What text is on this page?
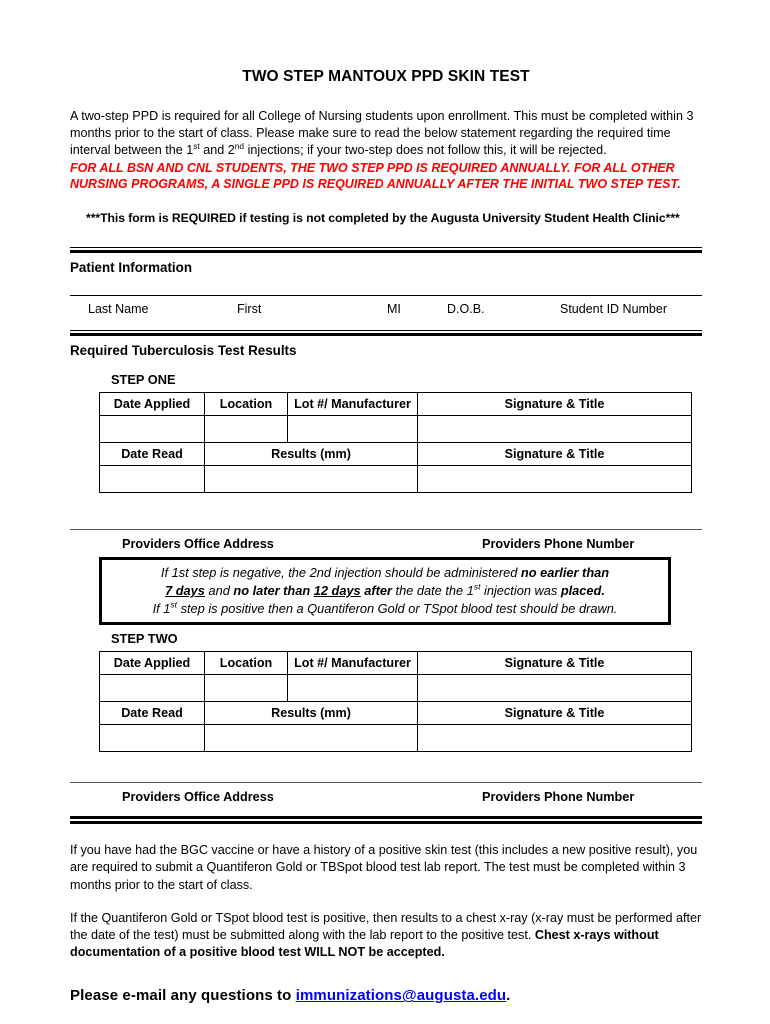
TWO STEP MANTOUX PPD SKIN TEST

A two-step PPD is required for all College of Nursing students upon enrollment. This must be completed within 3 months prior to the start of class. Please make sure to read the below statement regarding the required time interval between the 1st and 2nd injections; if your two-step does not follow this, it will be rejected.

FOR ALL BSN AND CNL STUDENTS, THE TWO STEP PPD IS REQUIRED ANNUALLY. FOR ALL OTHER
NURSING PROGRAMS, A SINGLE PPD IS REQUIRED ANNUALLY AFTER THE INITIAL TWO STEP TEST.

***This form is REQUIRED if testing is not completed by the Augusta University Student Health Clinic***
Patient Information
Last Name	First	MI	D.O.B.	Student ID Number
Required Tuberculosis Test Results
STEP ONE
Date Applied	Location	Lot #/ Manufacturer	Signature & Title

Date Read	Results (mm)		Signature & Title

Providers Office Address	Providers Phone Number
If 1st step is negative, the 2nd injection should be administered no earlier than
7 days and no later than 12 days after the date the 1st injection was placed.
If 1st step is positive then a Quantiferon Gold or TSpot blood test should be drawn.
STEP TWO
Date Applied	Location	Lot #/ Manufacturer	Signature & Title

Date Read	Results (mm)		Signature & Title

Providers Office Address	Providers Phone Number

If you have had the BGC vaccine or have a history of a positive skin test (this includes a new positive result), you are required to submit a Quantiferon Gold or TBSpot blood test lab report. The test must be completed within 3 months prior to the start of class.

If the Quantiferon Gold or TSpot blood test is positive, then results to a chest x-ray (x-ray must be performed after the date of the test) must be submitted along with the lab report to the positive test. Chest x-rays without documentation of a positive blood test WILL NOT be accepted.

Please e-mail any questions to immunizations@augusta.edu.
